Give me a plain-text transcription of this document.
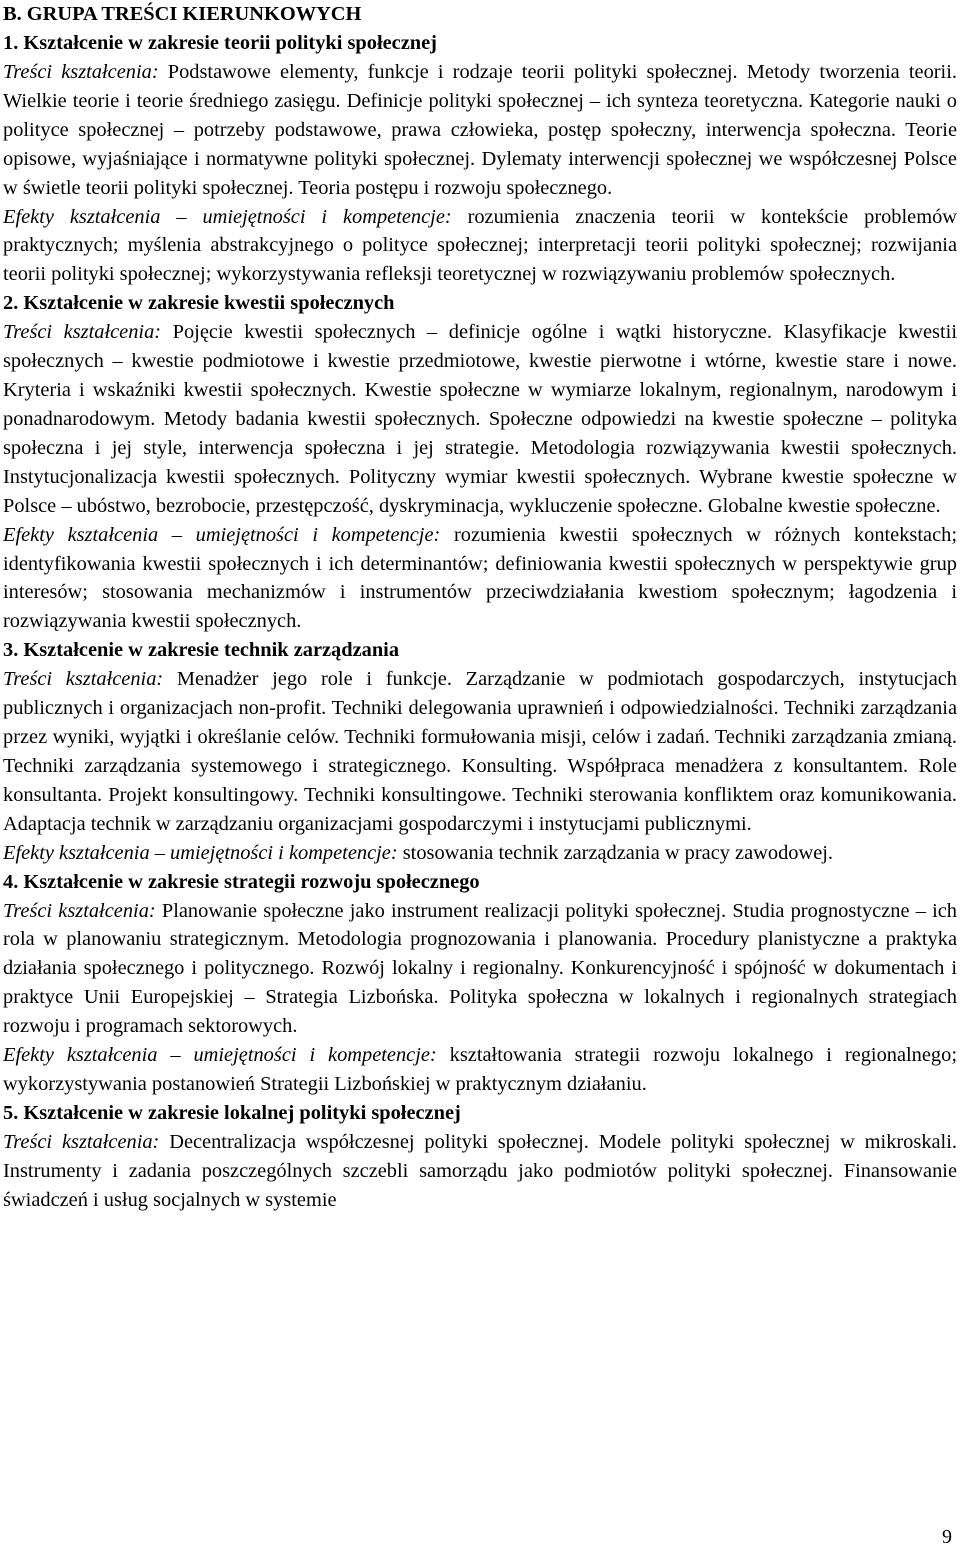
B. GRUPA TREŚCI KIERUNKOWYCH
1. Kształcenie w zakresie teorii polityki społecznej

Treści kształcenia: Podstawowe elementy, funkcje i rodzaje teorii polityki społecznej. Metody tworzenia teorii. Wielkie teorie i teorie średniego zasięgu. Definicje polityki społecznej – ich synteza teoretyczna. Kategorie nauki o polityce społecznej – potrzeby podstawowe, prawa człowieka, postęp społeczny, interwencja społeczna. Teorie opisowe, wyjaśniające i normatywne polityki społecznej. Dylematy interwencji społecznej we współczesnej Polsce w świetle teorii polityki społecznej. Teoria postępu i rozwoju społecznego.

Efekty kształcenia – umiejętności i kompetencje: rozumienia znaczenia teorii w kontekście problemów praktycznych; myślenia abstrakcyjnego o polityce społecznej; interpretacji teorii polityki społecznej; rozwijania teorii polityki społecznej; wykorzystywania refleksji teoretycznej w rozwiązywaniu problemów społecznych.

2. Kształcenie w zakresie kwestii społecznych

Treści kształcenia: Pojęcie kwestii społecznych – definicje ogólne i wątki historyczne. Klasyfikacje kwestii społecznych – kwestie podmiotowe i kwestie przedmiotowe, kwestie pierwotne i wtórne, kwestie stare i nowe. Kryteria i wskaźniki kwestii społecznych. Kwestie społeczne w wymiarze lokalnym, regionalnym, narodowym i ponadnarodowym. Metody badania kwestii społecznych. Społeczne odpowiedzi na kwestie społeczne – polityka społeczna i jej style, interwencja społeczna i jej strategie. Metodologia rozwiązywania kwestii społecznych. Instytucjonalizacja kwestii społecznych. Polityczny wymiar kwestii społecznych. Wybrane kwestie społeczne w Polsce – ubóstwo, bezrobocie, przestępczość, dyskryminacja, wykluczenie społeczne. Globalne kwestie społeczne.

Efekty kształcenia – umiejętności i kompetencje: rozumienia kwestii społecznych w różnych kontekstach; identyfikowania kwestii społecznych i ich determinantów; definiowania kwestii społecznych w perspektywie grup interesów; stosowania mechanizmów i instrumentów przeciwdziałania kwestiom społecznym; łagodzenia i rozwiązywania kwestii społecznych.

3. Kształcenie w zakresie technik zarządzania

Treści kształcenia: Menadżer jego role i funkcje. Zarządzanie w podmiotach gospodarczych, instytucjach publicznych i organizacjach non-profit. Techniki delegowania uprawnień i odpowiedzialności. Techniki zarządzania przez wyniki, wyjątki i określanie celów. Techniki formułowania misji, celów i zadań. Techniki zarządzania zmianą. Techniki zarządzania systemowego i strategicznego. Konsulting. Współpraca menadżera z konsultantem. Role konsultanta. Projekt konsultingowy. Techniki konsultingowe. Techniki sterowania konfliktem oraz komunikowania. Adaptacja technik w zarządzaniu organizacjami gospodarczymi i instytucjami publicznymi.

Efekty kształcenia – umiejętności i kompetencje: stosowania technik zarządzania w pracy zawodowej.

4. Kształcenie w zakresie strategii rozwoju społecznego

Treści kształcenia: Planowanie społeczne jako instrument realizacji polityki społecznej. Studia prognostyczne – ich rola w planowaniu strategicznym. Metodologia prognozowania i planowania. Procedury planistyczne a praktyka działania społecznego i politycznego. Rozwój lokalny i regionalny. Konkurencyjność i spójność w dokumentach i praktyce Unii Europejskiej – Strategia Lizbońska. Polityka społeczna w lokalnych i regionalnych strategiach rozwoju i programach sektorowych.

Efekty kształcenia – umiejętności i kompetencje: kształtowania strategii rozwoju lokalnego i regionalnego; wykorzystywania postanowień Strategii Lizbońskiej w praktycznym działaniu.

5. Kształcenie w zakresie lokalnej polityki społecznej

Treści kształcenia: Decentralizacja współczesnej polityki społecznej. Modele polityki społecznej w mikroskali. Instrumenty i zadania poszczególnych szczebli samorządu jako podmiotów polityki społecznej. Finansowanie świadczeń i usług socjalnych w systemie

9
